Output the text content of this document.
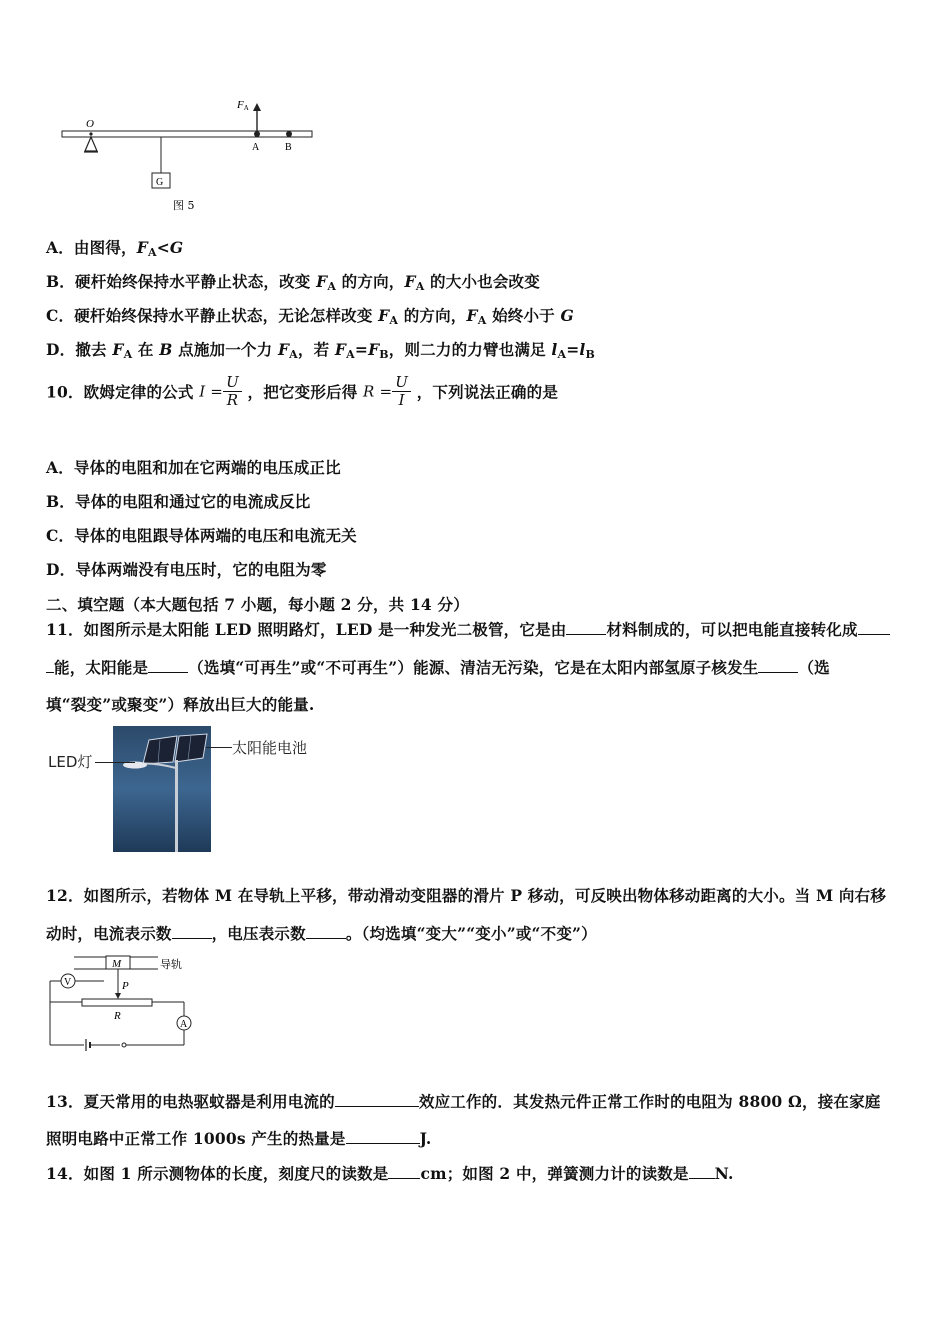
O
G
FA
A	B
图 5
A．由图得，FA<G
B．硬杆始终保持水平静止状态，改变 FA 的方向，FA 的大小也会改变
C．硬杆始终保持水平静止状态，无论怎样改变 FA 的方向，FA 始终小于 G
D．撤去 FA 在 B 点施加一个力 FA，若 FA=FB，则二力的力臂也满足 lA=lB
10．欧姆定律的公式 $I = \frac{U}{R}$ ，把它变形后得 $R = \frac{U}{I}$ ，下列说法正确的是
A．导体的电阻和加在它两端的电压成正比
B．导体的电阻和通过它的电流成反比
C．导体的电阻跟导体两端的电压和电流无关
D．导体两端没有电压时，它的电阻为零
二、填空题（本大题包括 7 小题，每小题 2 分，共 14 分）
11．如图所示是太阳能 LED 照明路灯，LED 是一种发光二极管，它是由	材料制成的，可以把电能直接转化成
能，太阳能是	（选填“可再生”或“不可再生”）能源、清洁无污染，它是在太阳内部氢原子核发生	（选
填“裂变”或聚变”）释放出巨大的能量.
LED灯
太阳能电池
12．如图所示，若物体 M 在导轨上平移，带动滑动变阻器的滑片 P 移动，可反映出物体移动距离的大小。当 M 向右移
动时，电流表示数	，电压表示数	。（均选填“变大”“变小”或“不变”）
M	导轨
P
R
V
A
13．夏天常用的电热驱蚊器是利用电流的	效应工作的．其发热元件正常工作时的电阻为 8800 Ω，接在家庭
照明电路中正常工作 1000s 产生的热量是	J.
14．如图 1 所示测物体的长度，刻度尺的读数是 cm；如图 2 中，弹簧测力计的读数是 N.
